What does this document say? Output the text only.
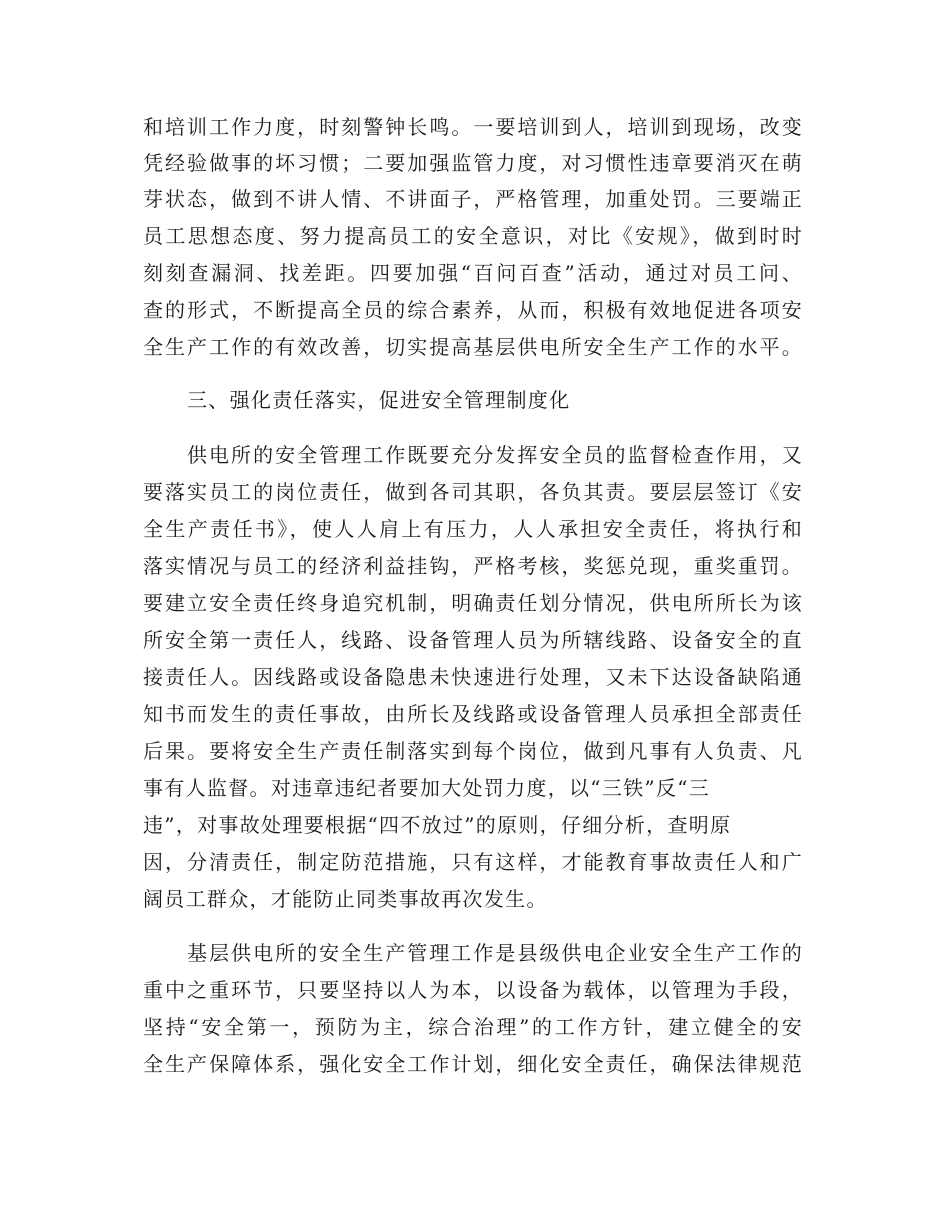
和培训工作力度，时刻警钟长鸣。一要培训到人，培训到现场，改变
凭经验做事的坏习惯；二要加强监管力度，对习惯性违章要消灭在萌
芽状态，做到不讲人情、不讲面子，严格管理，加重处罚。三要端正
员工思想态度、努力提高员工的安全意识，对比《安规》，做到时时
刻刻查漏洞、找差距。四要加强“百问百查”活动，通过对员工问、
查的形式，不断提高全员的综合素养，从而，积极有效地促进各项安
全生产工作的有效改善，切实提高基层供电所安全生产工作的水平。
三、强化责任落实，促进安全管理制度化
供电所的安全管理工作既要充分发挥安全员的监督检查作用，又
要落实员工的岗位责任，做到各司其职，各负其责。要层层签订《安
全生产责任书》，使人人肩上有压力，人人承担安全责任，将执行和
落实情况与员工的经济利益挂钩，严格考核，奖惩兑现，重奖重罚。
要建立安全责任终身追究机制，明确责任划分情况，供电所所长为该
所安全第一责任人，线路、设备管理人员为所辖线路、设备安全的直
接责任人。因线路或设备隐患未快速进行处理，又未下达设备缺陷通
知书而发生的责任事故，由所长及线路或设备管理人员承担全部责任
后果。要将安全生产责任制落实到每个岗位，做到凡事有人负责、凡
事有人监督。对违章违纪者要加大处罚力度，以“三铁”反“三
违”，对事故处理要根据“四不放过”的原则，仔细分析，查明原
因，分清责任，制定防范措施，只有这样，才能教育事故责任人和广
阔员工群众，才能防止同类事故再次发生。
基层供电所的安全生产管理工作是县级供电企业安全生产工作的
重中之重环节，只要坚持以人为本，以设备为载体，以管理为手段，
坚持“安全第一，预防为主，综合治理”的工作方针，建立健全的安
全生产保障体系，强化安全工作计划，细化安全责任，确保法律规范
